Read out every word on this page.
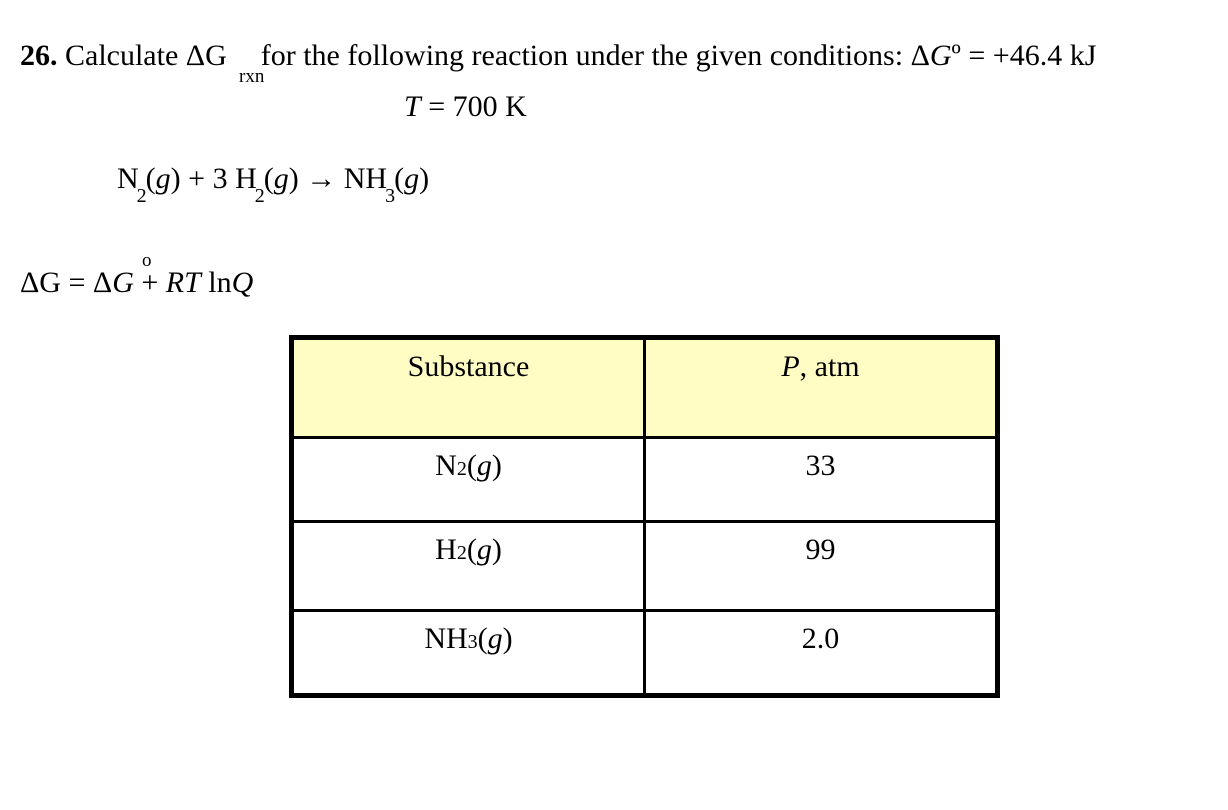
26. Calculate ΔG for the following reaction under the given conditions: ΔGº = +46.4 kJ
rxn
T = 700 K
$N_2(g) + 3$ $H_2(g) \to NH_3(g)$
ΔG = ΔG + RT lnQ
o
Substance	P, atm
N2(g)	33
H2(g)	99
NH3(g)	2.0
